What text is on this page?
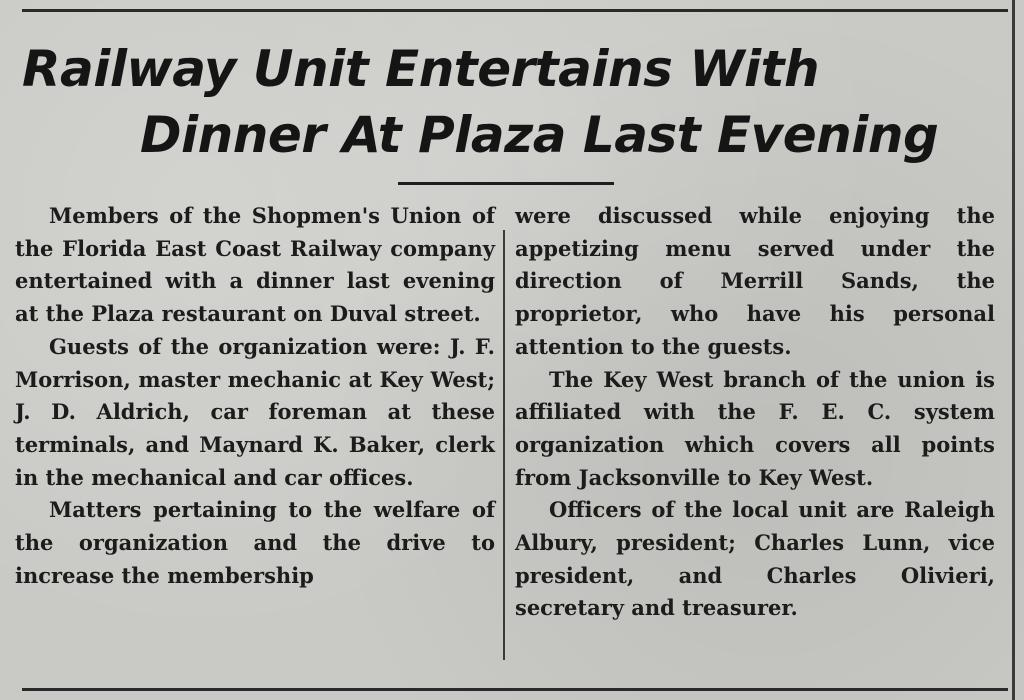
Railway Unit Entertains With
Dinner At Plaza Last Evening

Members of the Shopmen's Union of the Florida East Coast Railway company entertained with a dinner last evening at the Plaza restaurant on Duval street.

Guests of the organization were: J. F. Morrison, master mechanic at Key West; J. D. Aldrich, car foreman at these terminals, and Maynard K. Baker, clerk in the mechanical and car offices.

Matters pertaining to the welfare of the organization and the drive to increase the membership

were discussed while enjoying the appetizing menu served under the direction of Merrill Sands, the proprietor, who have his personal attention to the guests.

The Key West branch of the union is affiliated with the F. E. C. system organization which covers all points from Jacksonville to Key West.

Officers of the local unit are Raleigh Albury, president; Charles Lunn, vice president, and Charles Olivieri, secretary and treasurer.
